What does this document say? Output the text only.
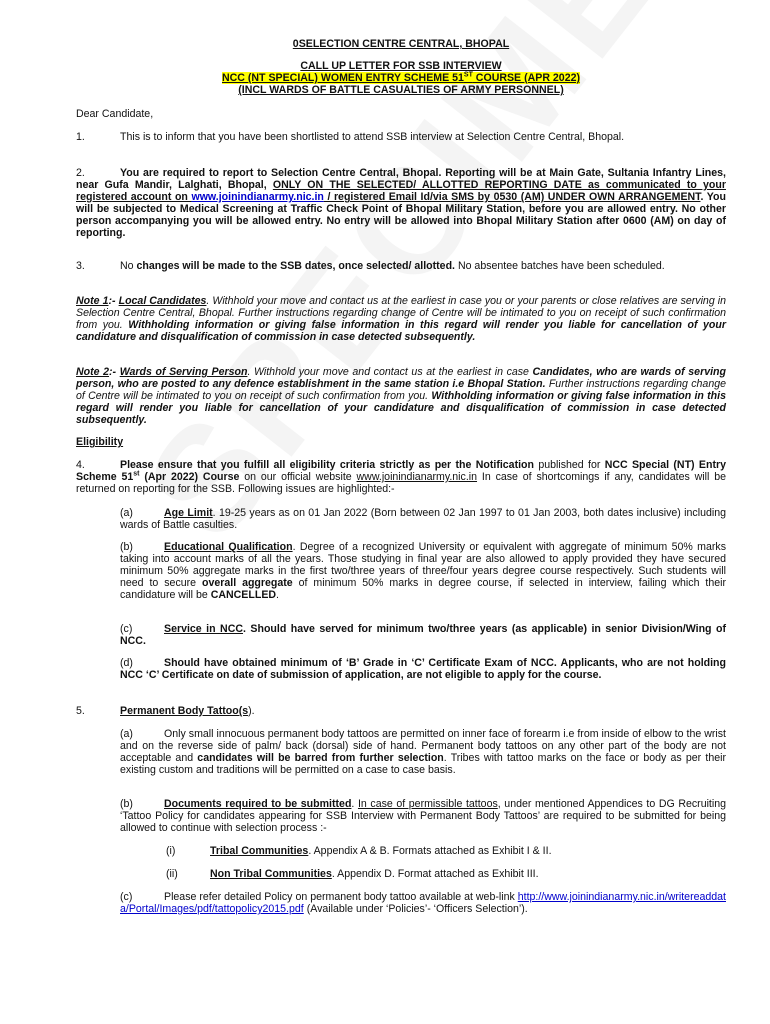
0SELECTION CENTRE CENTRAL, BHOPAL
CALL UP LETTER FOR SSB INTERVIEW
NCC (NT SPECIAL) WOMEN ENTRY SCHEME 51ST COURSE (APR 2022)
(INCL WARDS OF BATTLE CASUALTIES OF ARMY PERSONNEL)
Dear Candidate,
1.	This is to inform that you have been shortlisted to attend SSB interview at Selection Centre Central, Bhopal.
2.	You are required to report to Selection Centre Central, Bhopal. Reporting will be at Main Gate, Sultania Infantry Lines, near Gufa Mandir, Lalghati, Bhopal, ONLY ON THE SELECTED/ ALLOTTED REPORTING DATE as communicated to your registered account on www.joinindianarmy.nic.in / registered Email Id/via SMS by 0530 (AM) UNDER OWN ARRANGEMENT. You will be subjected to Medical Screening at Traffic Check Point of Bhopal Military Station, before you are allowed entry. No other person accompanying you will be allowed entry. No entry will be allowed into Bhopal Military Station after 0600 (AM) on day of reporting.
3.	No changes will be made to the SSB dates, once selected/ allotted. No absentee batches have been scheduled.
Note 1:- Local Candidates. Withhold your move and contact us at the earliest in case you or your parents or close relatives are serving in Selection Centre Central, Bhopal. Further instructions regarding change of Centre will be intimated to you on receipt of such confirmation from you. Withholding information or giving false information in this regard will render you liable for cancellation of your candidature and disqualification of commission in case detected subsequently.
Note 2:- Wards of Serving Person. Withhold your move and contact us at the earliest in case Candidates, who are wards of serving person, who are posted to any defence establishment in the same station i.e Bhopal Station. Further instructions regarding change of Centre will be intimated to you on receipt of such confirmation from you. Withholding information or giving false information in this regard will render you liable for cancellation of your candidature and disqualification of commission in case detected subsequently.
Eligibility
4.	Please ensure that you fulfill all eligibility criteria strictly as per the Notification published for NCC Special (NT) Entry Scheme 51st (Apr 2022) Course on our official website www.joinindianarmy.nic.in In case of shortcomings if any, candidates will be returned on reporting for the SSB. Following issues are highlighted:-
(a)	Age Limit. 19-25 years as on 01 Jan 2022 (Born between 02 Jan 1997 to 01 Jan 2003, both dates inclusive) including wards of Battle casulties.
(b)	Educational Qualification. Degree of a recognized University or equivalent with aggregate of minimum 50% marks taking into account marks of all the years. Those studying in final year are also allowed to apply provided they have secured minimum 50% aggregate marks in the first two/three years of three/four years degree course respectively. Such students will need to secure overall aggregate of minimum 50% marks in degree course, if selected in interview, failing which their candidature will be CANCELLED.
(c)	Service in NCC. Should have served for minimum two/three years (as applicable) in senior Division/Wing of NCC.
(d)	Should have obtained minimum of ‘B’ Grade in ‘C’ Certificate Exam of NCC. Applicants, who are not holding NCC ‘C’ Certificate on date of submission of application, are not eligible to apply for the course.
5.	Permanent Body Tattoo(s).
(a)	Only small innocuous permanent body tattoos are permitted on inner face of forearm i.e from inside of elbow to the wrist and on the reverse side of palm/ back (dorsal) side of hand. Permanent body tattoos on any other part of the body are not acceptable and candidates will be barred from further selection. Tribes with tattoo marks on the face or body as per their existing custom and traditions will be permitted on a case to case basis.
(b)	Documents required to be submitted. In case of permissible tattoos, under mentioned Appendices to DG Recruiting ‘Tattoo Policy for candidates appearing for SSB Interview with Permanent Body Tattoos’ are required to be submitted for being allowed to continue with selection process :-
(i)	Tribal Communities. Appendix A & B. Formats attached as Exhibit I & II.
(ii)	Non Tribal Communities. Appendix D. Format attached as Exhibit III.
(c)	Please refer detailed Policy on permanent body tattoo available at web-link http://www.joinindianarmy.nic.in/writereaddata/Portal/Images/pdf/tattopolicy2015.pdf (Available under ‘Policies’- ‘Officers Selection’).
